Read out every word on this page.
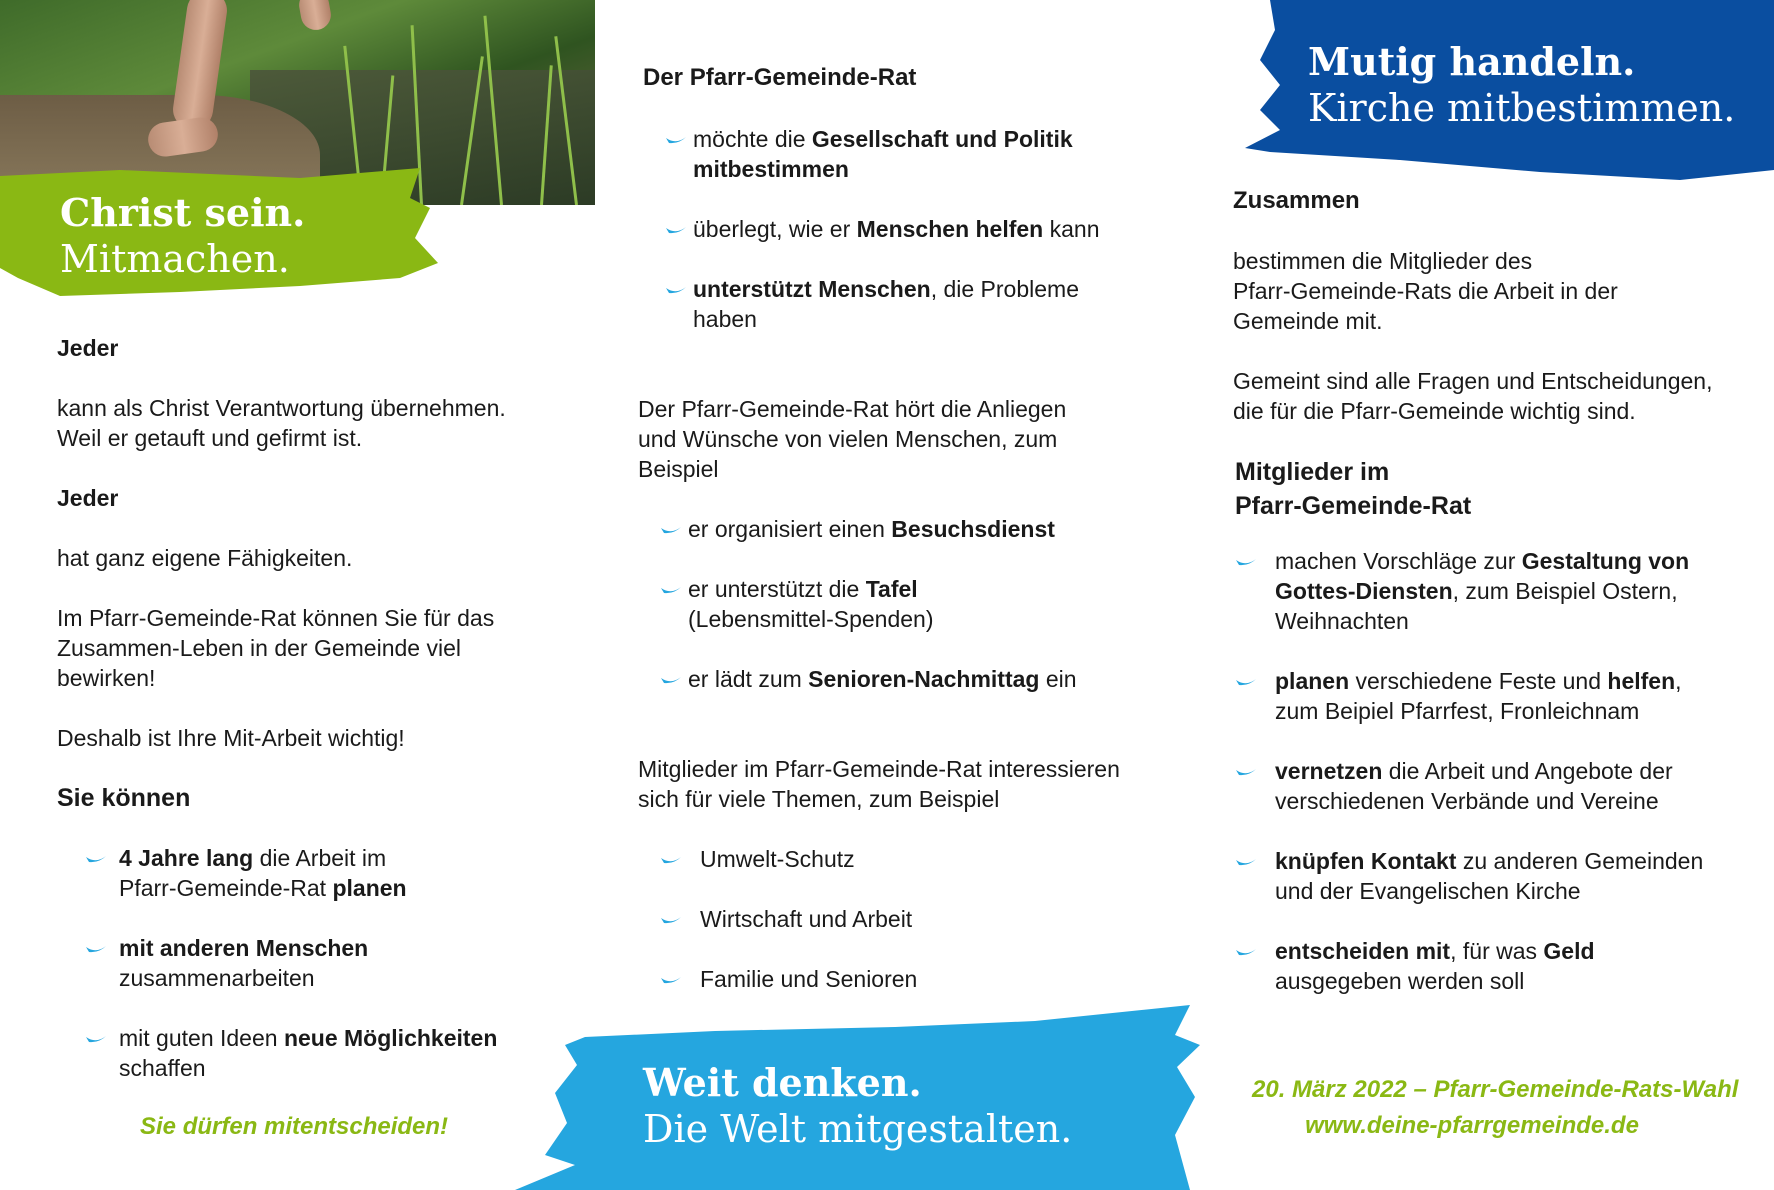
Christ sein.
Mitmachen.

Jeder

kann als Christ Verantwortung übernehmen.

Weil er getauft und gefirmt ist.

Jeder

hat ganz eigene Fähigkeiten.

Im Pfarr-Gemeinde-Rat können Sie für das

Zusammen-Leben in der Gemeinde viel

bewirken!

Deshalb ist Ihre Mit-Arbeit wichtig!

Sie können

4 Jahre lang die Arbeit im
Pfarr-Gemeinde-Rat planen
mit anderen Menschen
zusammenarbeiten
mit guten Ideen neue Möglichkeiten
schaffen
Sie dürfen mitentscheiden!

Der Pfarr-Gemeinde-Rat

möchte die Gesellschaft und Politik
mitbestimmen
überlegt, wie er Menschen helfen kann
unterstützt Menschen, die Probleme
haben

Der Pfarr-Gemeinde-Rat hört die Anliegen

und Wünsche von vielen Menschen, zum

Beispiel

er organisiert einen Besuchsdienst
er unterstützt die Tafel
(Lebensmittel-Spenden)
er lädt zum Senioren-Nachmittag ein

Mitglieder im Pfarr-Gemeinde-Rat interessieren

sich für viele Themen, zum Beispiel

Umwelt-Schutz
Wirtschaft und Arbeit
Familie und Senioren
Weit denken.
Die Welt mitgestalten.
Mutig handeln.
Kirche mitbestimmen.

Zusammen

bestimmen die Mitglieder des

Pfarr-Gemeinde-Rats die Arbeit in der

Gemeinde mit.

Gemeint sind alle Fragen und Entscheidungen,

die für die Pfarr-Gemeinde wichtig sind.

Mitglieder im

Pfarr-Gemeinde-Rat

machen Vorschläge zur Gestaltung von
Gottes-Diensten, zum Beispiel Ostern,
Weihnachten
planen verschiedene Feste und helfen,
zum Beipiel Pfarrfest, Fronleichnam
vernetzen die Arbeit und Angebote der
verschiedenen Verbände und Vereine
knüpfen Kontakt zu anderen Gemeinden
und der Evangelischen Kirche
entscheiden mit, für was Geld
ausgegeben werden soll
20. März 2022 – Pfarr-Gemeinde-Rats-Wahl
www.deine-pfarrgemeinde.de
